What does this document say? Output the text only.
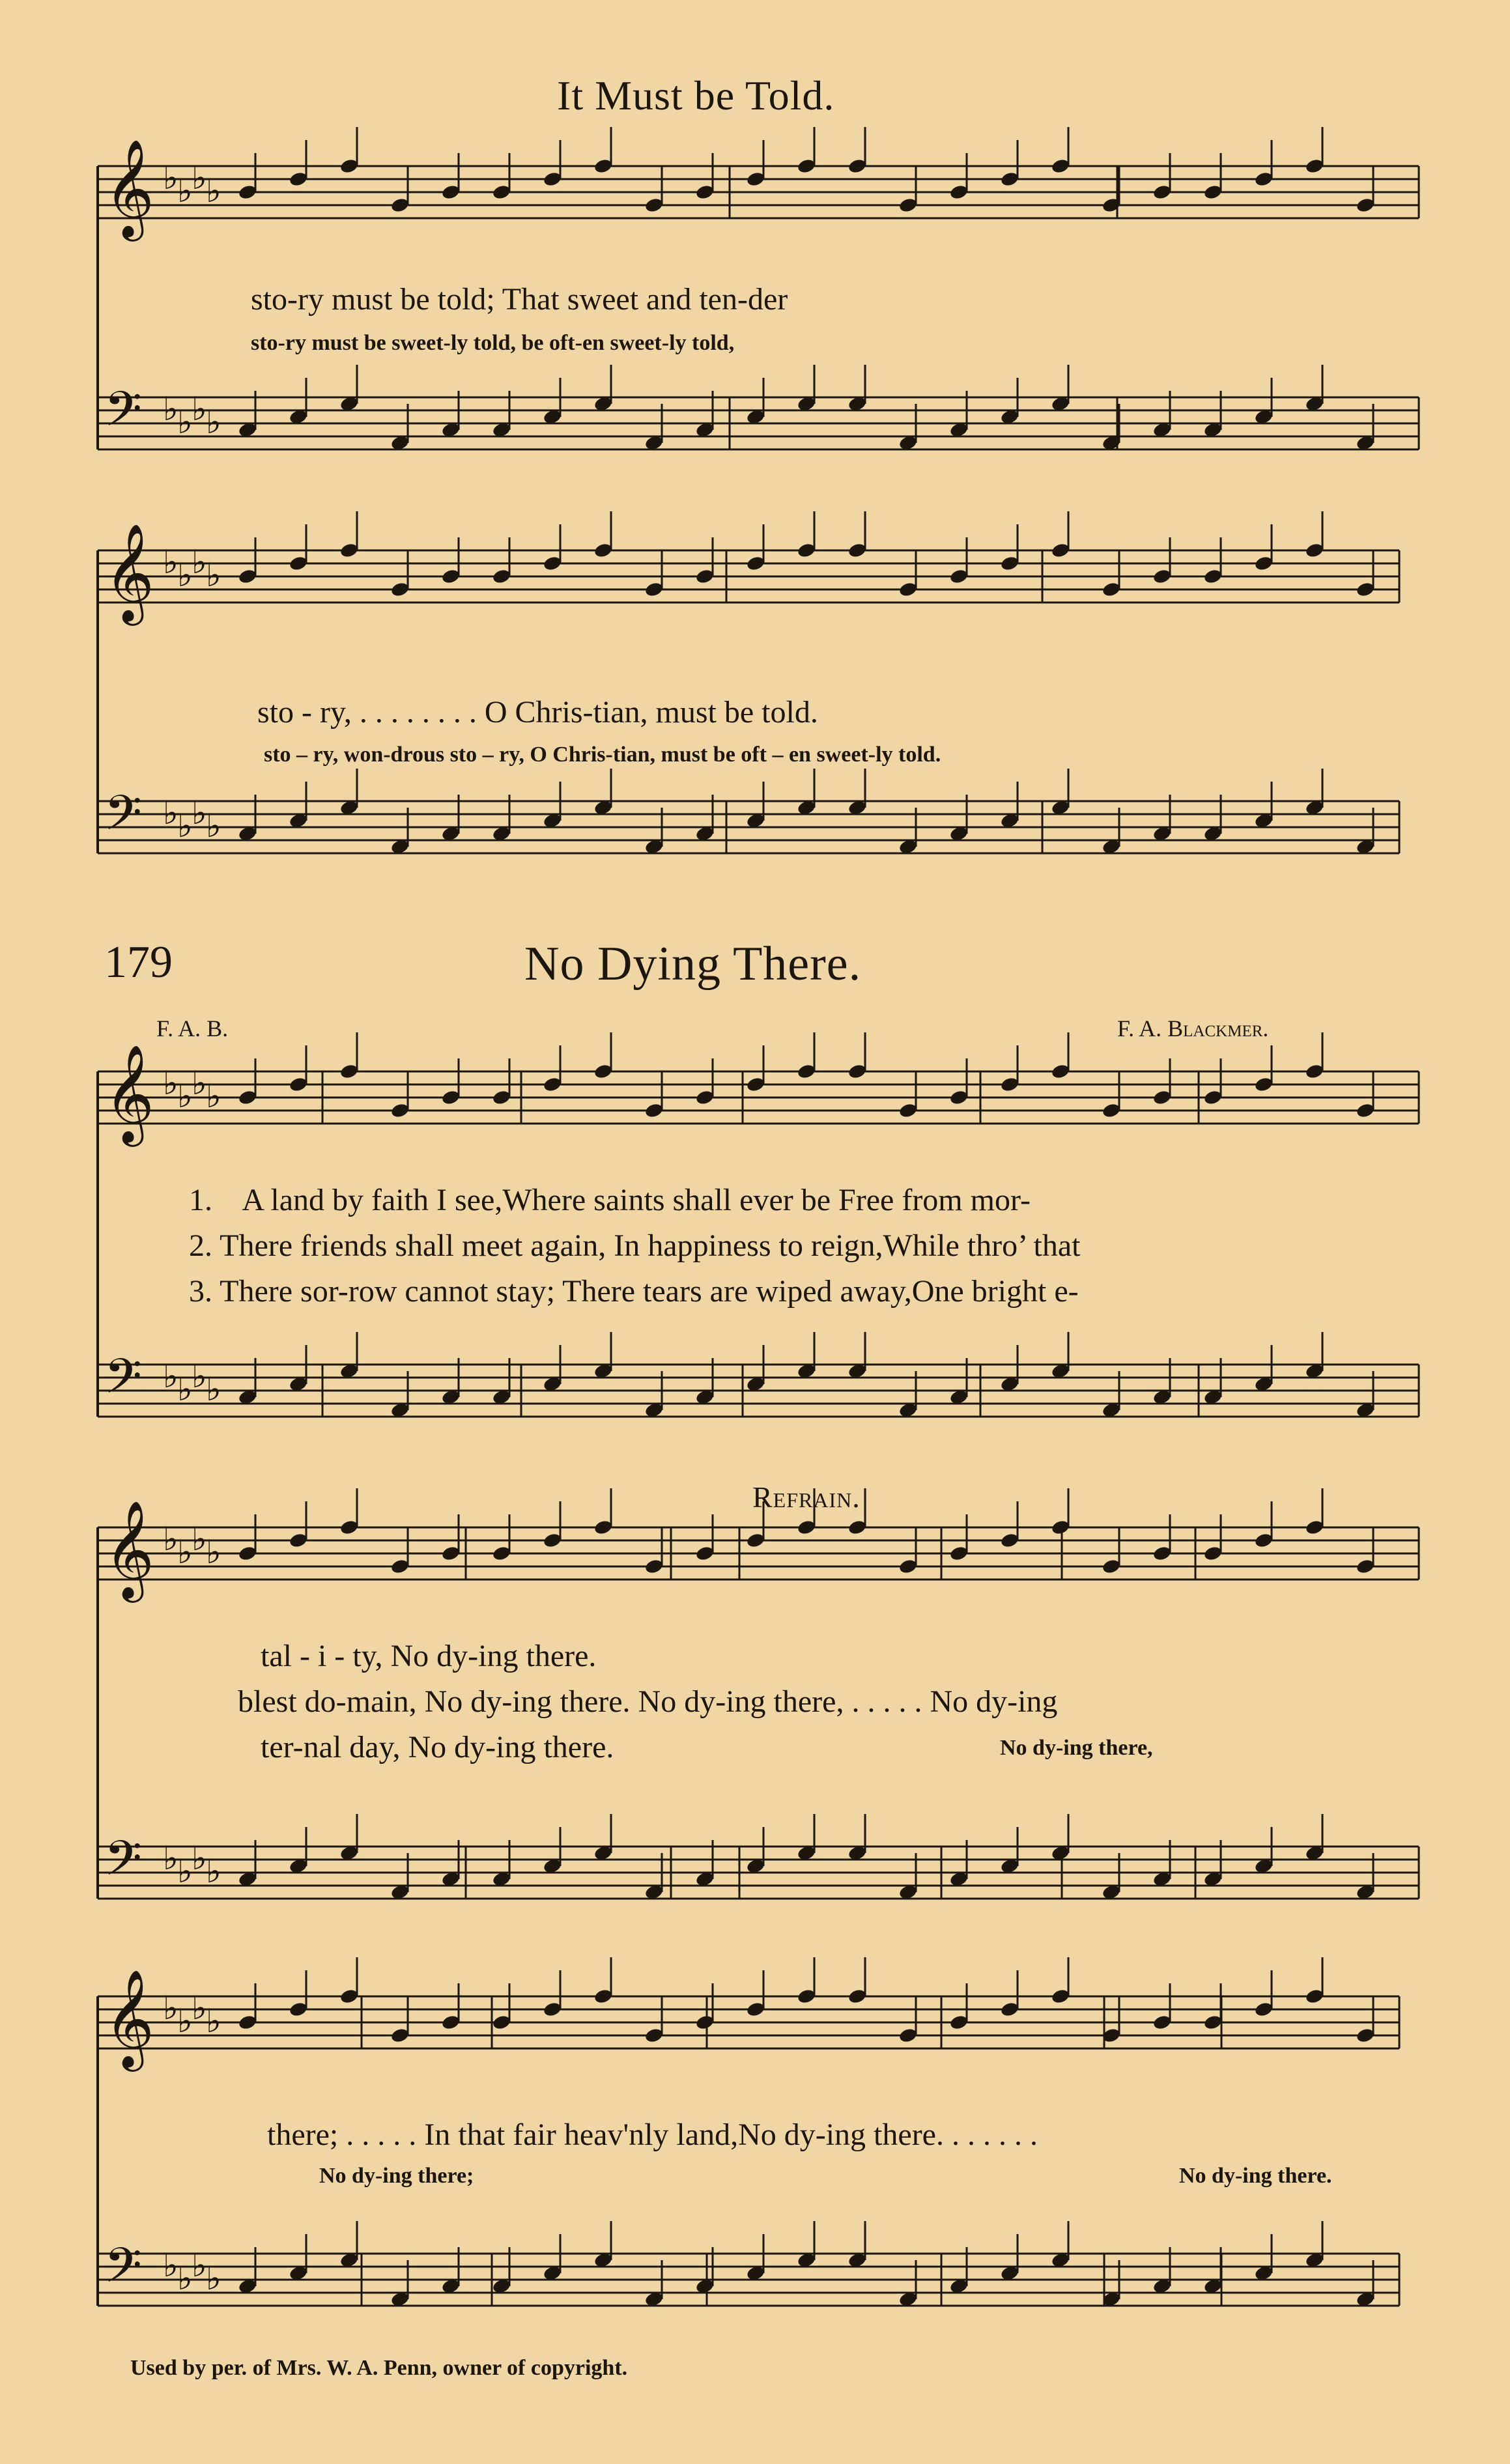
𝄞 ♭
♭
♭
♭
𝄢 ♭
♭
♭
♭
𝄞 ♭
♭
♭
♭
𝄢 ♭
♭
♭
♭
𝄞 ♭
♭
♭
♭
𝄢 ♭
♭
♭
♭
𝄞 ♭
♭
♭
♭
𝄢 ♭
♭
♭
♭
𝄞 ♭
♭
♭
♭
𝄢 ♭
♭
♭
♭
It Must be Told.
sto-ry must be told; That sweet and ten-der
sto-ry must be sweet-ly told, be oft-en sweet-ly told,
sto - ry, . . . . . . . . O Chris-tian, must be told.
sto – ry, won-drous sto – ry, O Chris-tian, must be oft – en sweet-ly told.
179	No Dying There.
F. A. B.	F. A. Blackmer.
1. A land by faith I see,Where saints shall ever be Free from mor-
2. There friends shall meet again, In happiness to reign,While thro’ that
3. There sor-row cannot stay; There tears are wiped away,One bright e-
Refrain.
tal - i - ty, No dy-ing there.
blest do-main, No dy-ing there. No dy-ing there, . . . . . No dy-ing
ter-nal day, No dy-ing there.	No dy-ing there,
there; . . . . . In that fair heav'nly land,No dy-ing there. . . . . . .
No dy-ing there;	No dy-ing there.
Used by per. of Mrs. W. A. Penn, owner of copyright.
